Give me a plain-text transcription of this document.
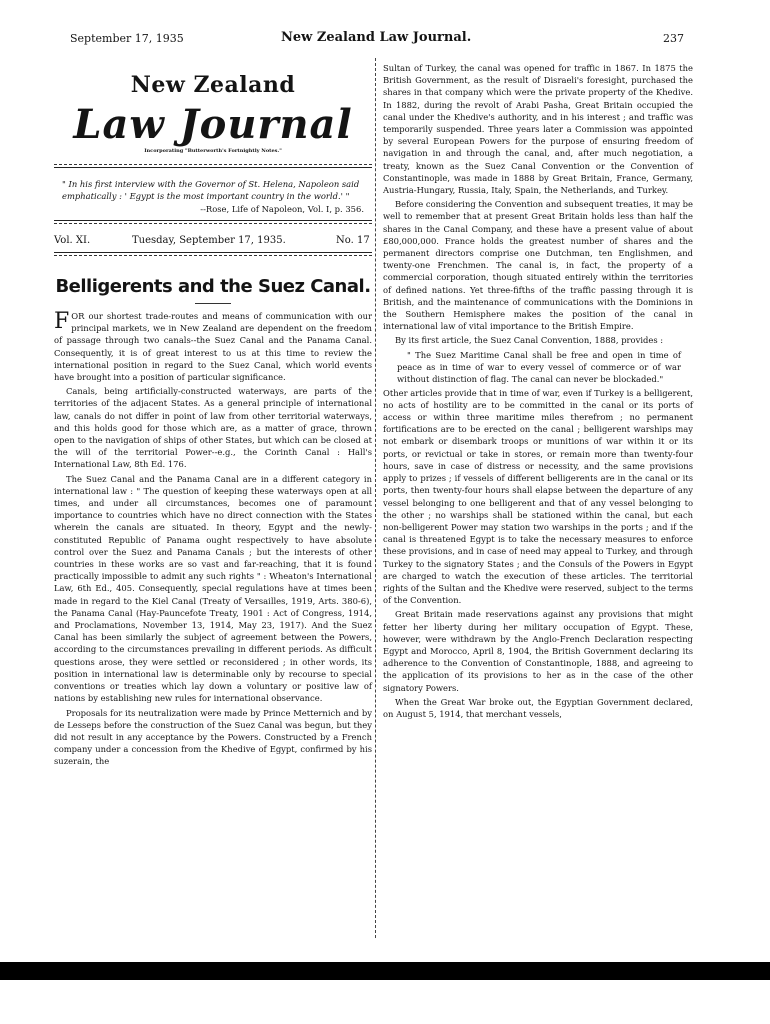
September 17, 1935	New Zealand Law Journal.	237
New Zealand
Law Journal
Incorporating "Butterworth's Fortnightly Notes."
" In his first interview with the Governor of St. Helena, Napoleon said emphatically : ' Egypt is the most important country in the world.' "
--Rose, Life of Napoleon, Vol. I, p. 356.
Vol. XI.	Tuesday, September 17, 1935.	No. 17
Belligerents and the Suez Canal.

FOR our shortest trade-routes and means of communication with our principal markets, we in New Zealand are dependent on the freedom of passage through two canals--the Suez Canal and the Panama Canal. Consequently, it is of great interest to us at this time to review the international position in regard to the Suez Canal, which world events have brought into a position of particular significance.

Canals, being artificially-constructed waterways, are parts of the territories of the adjacent States. As a general principle of international law, canals do not differ in point of law from other territorial waterways, and this holds good for those which are, as a matter of grace, thrown open to the navigation of ships of other States, but which can be closed at the will of the territorial Power--e.g., the Corinth Canal : Hall's International Law, 8th Ed. 176.

The Suez Canal and the Panama Canal are in a different category in international law : " The question of keeping these waterways open at all times, and under all circumstances, becomes one of paramount importance to countries which have no direct connection with the States wherein the canals are situated. In theory, Egypt and the newly-constituted Republic of Panama ought respectively to have absolute control over the Suez and Panama Canals ; but the interests of other countries in these works are so vast and far-reaching, that it is found practically impossible to admit any such rights " : Wheaton's International Law, 6th Ed., 405. Consequently, special regulations have at times been made in regard to the Kiel Canal (Treaty of Versailles, 1919, Arts. 380-6), the Panama Canal (Hay-Pauncefote Treaty, 1901 : Act of Congress, 1914, and Proclamations, November 13, 1914, May 23, 1917). And the Suez Canal has been similarly the subject of agreement between the Powers, according to the circumstances prevailing in different periods. As difficult questions arose, they were settled or reconsidered ; in other words, its position in international law is determinable only by recourse to special conventions or treaties which lay down a voluntary or positive law of nations by establishing new rules for international observance.

Proposals for its neutralization were made by Prince Metternich and by de Lesseps before the construction of the Suez Canal was begun, but they did not result in any acceptance by the Powers. Constructed by a French company under a concession from the Khedive of Egypt, confirmed by his suzerain, the

Sultan of Turkey, the canal was opened for traffic in 1867. In 1875 the British Government, as the result of Disraeli's foresight, purchased the shares in that company which were the private property of the Khedive. In 1882, during the revolt of Arabi Pasha, Great Britain occupied the canal under the Khedive's authority, and in his interest ; and traffic was temporarily suspended. Three years later a Commission was appointed by several European Powers for the purpose of ensuring freedom of navigation in and through the canal, and, after much negotiation, a treaty, known as the Suez Canal Convention or the Convention of Constantinople, was made in 1888 by Great Britain, France, Germany, Austria-Hungary, Russia, Italy, Spain, the Netherlands, and Turkey.

Before considering the Convention and subsequent treaties, it may be well to remember that at present Great Britain holds less than half the shares in the Canal Company, and these have a present value of about £80,000,000. France holds the greatest number of shares and the permanent directors comprise one Dutchman, ten Englishmen, and twenty-one Frenchmen. The canal is, in fact, the property of a commercial corporation, though situated entirely within the territories of defined nations. Yet three-fifths of the traffic passing through it is British, and the maintenance of communications with the Dominions in the Southern Hemisphere makes the position of the canal in international law of vital importance to the British Empire.

By its first article, the Suez Canal Convention, 1888, provides :

" The Suez Maritime Canal shall be free and open in time of peace as in time of war to every vessel of commerce or of war without distinction of flag. The canal can never be blockaded."

Other articles provide that in time of war, even if Turkey is a belligerent, no acts of hostility are to be committed in the canal or its ports of access or within three maritime miles therefrom ; no permanent fortifications are to be erected on the canal ; belligerent warships may not embark or disembark troops or munitions of war within it or its ports, or revictual or take in stores, or remain more than twenty-four hours, save in case of distress or necessity, and the same provisions apply to prizes ; if vessels of different belligerents are in the canal or its ports, then twenty-four hours shall elapse between the departure of any vessel belonging to one belligerent and that of any vessel belonging to the other ; no warships shall be stationed within the canal, but each non-belligerent Power may station two warships in the ports ; and if the canal is threatened Egypt is to take the necessary measures to enforce these provisions, and in case of need may appeal to Turkey, and through Turkey to the signatory States ; and the Consuls of the Powers in Egypt are charged to watch the execution of these articles. The territorial rights of the Sultan and the Khedive were reserved, subject to the terms of the Convention.

Great Britain made reservations against any provisions that might fetter her liberty during her military occupation of Egypt. These, however, were withdrawn by the Anglo-French Declaration respecting Egypt and Morocco, April 8, 1904, the British Government declaring its adherence to the Convention of Constantinople, 1888, and agreeing to the application of its provisions to her as in the case of the other signatory Powers.

When the Great War broke out, the Egyptian Government declared, on August 5, 1914, that merchant vessels,
